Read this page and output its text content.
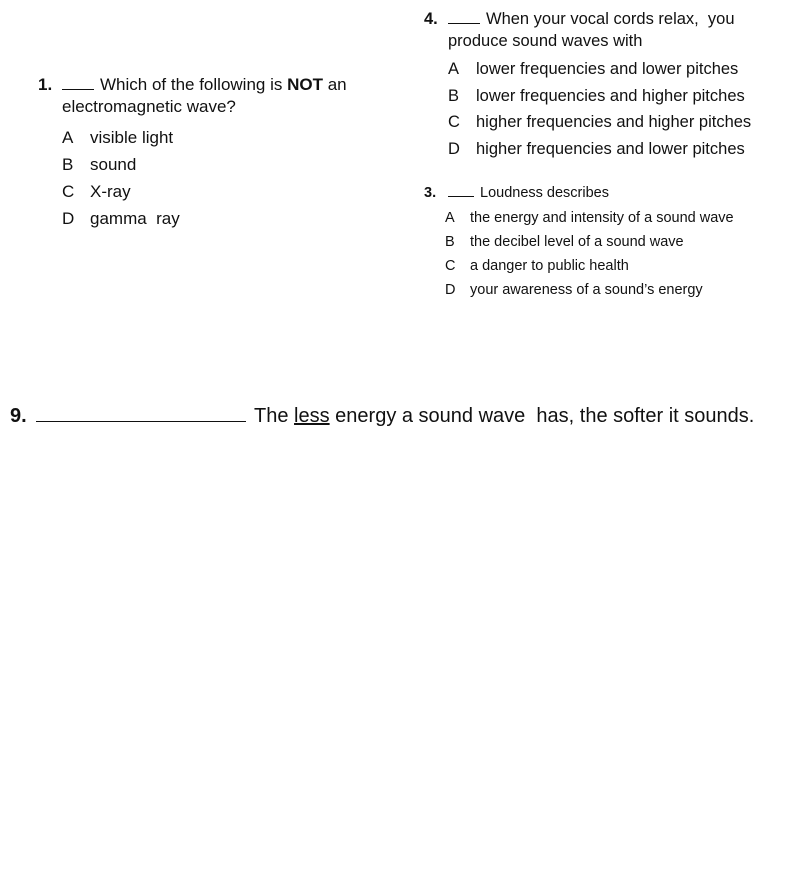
1.	Which of the following is NOT an
electromagnetic wave?
A visible light
B sound
C X-ray
D gamma  ray
4.	When your vocal cords relax,  you
produce sound waves with
A	lower frequencies and lower pitches
B	lower frequencies and higher pitches
C higher frequencies and higher pitches
D higher frequencies and lower pitches
3.	Loudness describes
A	the energy and intensity of a sound wave
B	the decibel level of a sound wave
C	a danger to public health
D	your awareness of a sound’s energy
9.	The less energy a sound wave  has, the softer it sounds.
